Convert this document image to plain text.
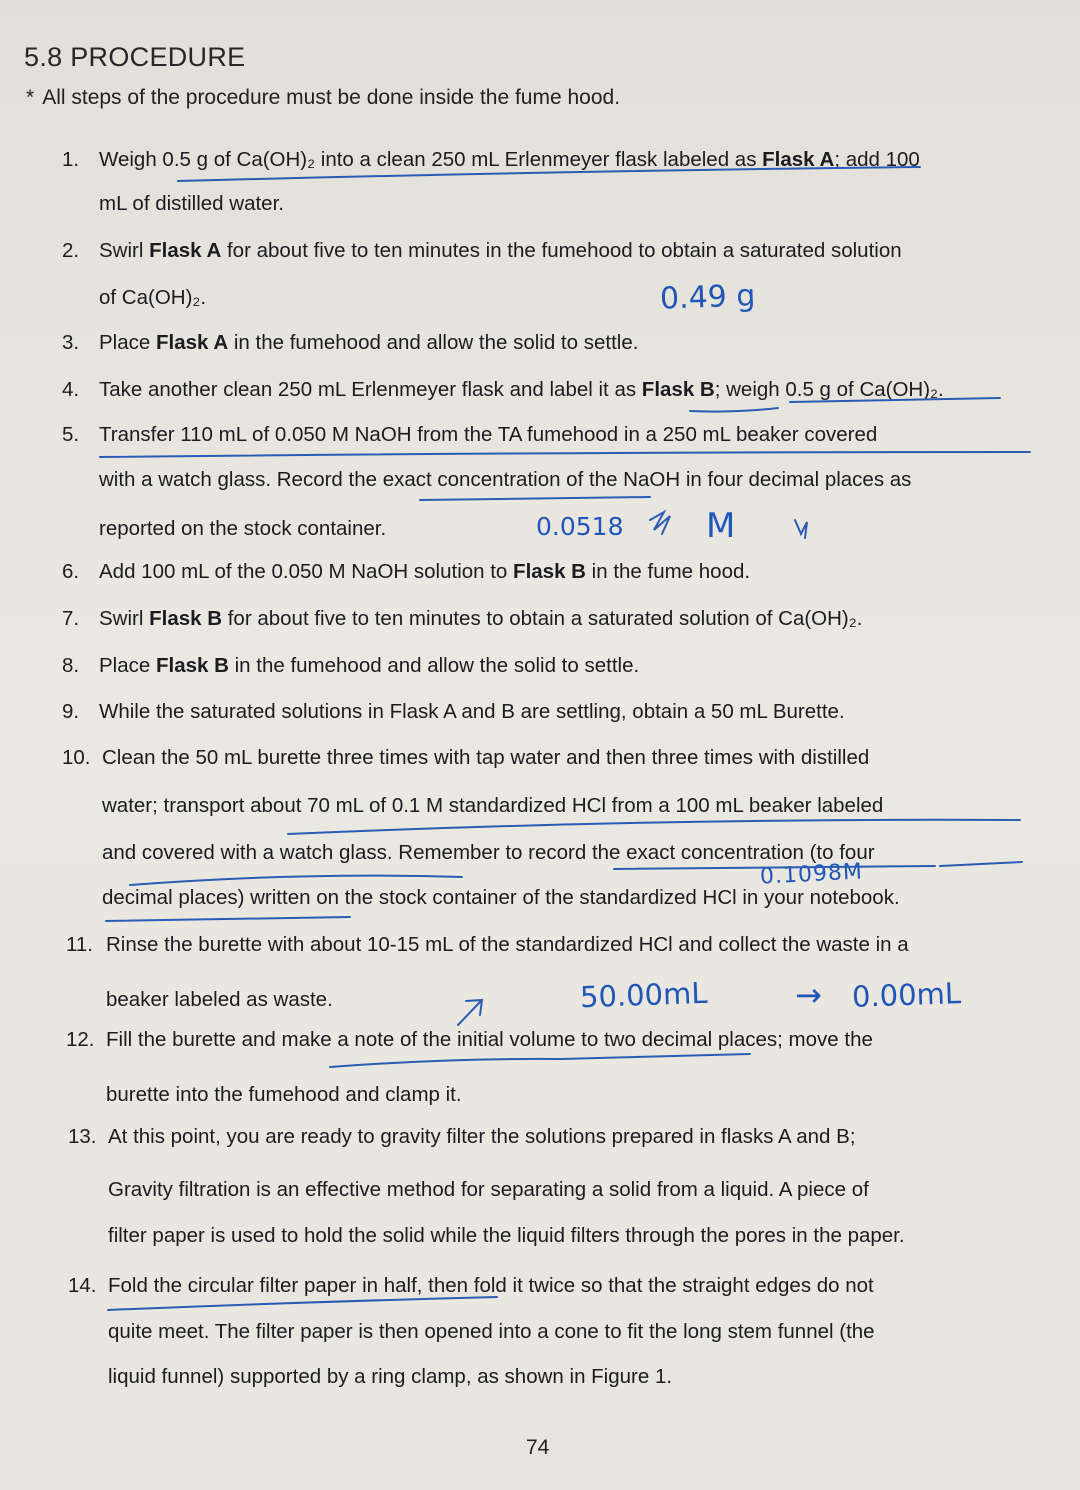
5.8 PROCEDURE
* All steps of the procedure must be done inside the fume hood.
1. Weigh 0.5 g of Ca(OH)₂ into a clean 250 mL Erlenmeyer flask labeled as Flask A; add 100
mL of distilled water.
2. Swirl Flask A for about five to ten minutes in the fumehood to obtain a saturated solution
of Ca(OH)₂.
3. Place Flask A in the fumehood and allow the solid to settle.
4. Take another clean 250 mL Erlenmeyer flask and label it as Flask B; weigh 0.5 g of Ca(OH)₂.
5. Transfer 110 mL of 0.050 M NaOH from the TA fumehood in a 250 mL beaker covered
with a watch glass. Record the exact concentration of the NaOH in four decimal places as
reported on the stock container.
6. Add 100 mL of the 0.050 M NaOH solution to Flask B in the fume hood.
7. Swirl Flask B for about five to ten minutes to obtain a saturated solution of Ca(OH)₂.
8. Place Flask B in the fumehood and allow the solid to settle.
9. While the saturated solutions in Flask A and B are settling, obtain a 50 mL Burette.
10. Clean the 50 mL burette three times with tap water and then three times with distilled
water; transport about 70 mL of 0.1 M standardized HCl from a 100 mL beaker labeled
and covered with a watch glass. Remember to record the exact concentration (to four
decimal places) written on the stock container of the standardized HCl in your notebook.
11. Rinse the burette with about 10-15 mL of the standardized HCl and collect the waste in a
beaker labeled as waste.
12. Fill the burette and make a note of the initial volume to two decimal places; move the
burette into the fumehood and clamp it.
13. At this point, you are ready to gravity filter the solutions prepared in flasks A and B;
Gravity filtration is an effective method for separating a solid from a liquid. A piece of
filter paper is used to hold the solid while the liquid filters through the pores in the paper.
14. Fold the circular filter paper in half, then fold it twice so that the straight edges do not
quite meet. The filter paper is then opened into a cone to fit the long stem funnel (the
liquid funnel) supported by a ring clamp, as shown in Figure 1.
0.49 g
0.0518 M
0.1098M
50.00mL	→ 0.00mL
74
